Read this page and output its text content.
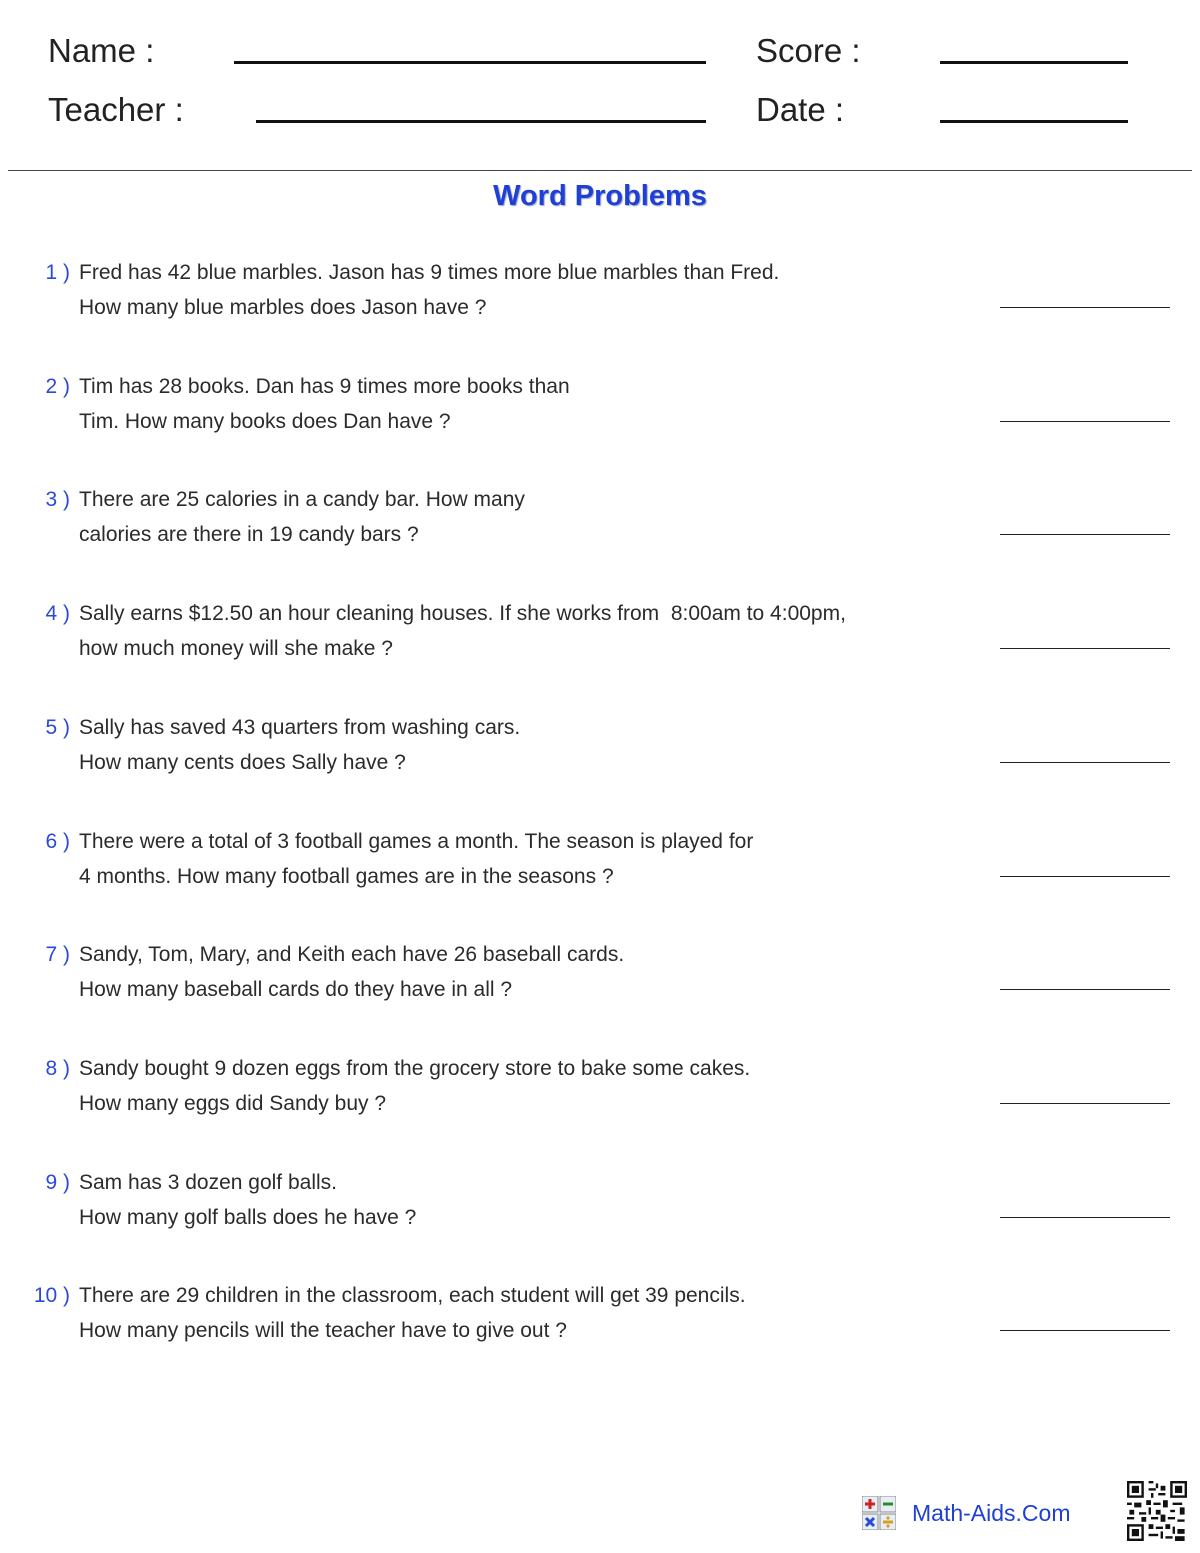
Name :
Teacher :
Score :
Date :
Word Problems
1 ) Fred has 42 blue marbles. Jason has 9 times more blue marbles than Fred.
How many blue marbles does Jason have ?
2 ) Tim has 28 books. Dan has 9 times more books than
Tim. How many books does Dan have ?
3 ) There are 25 calories in a candy bar. How many
calories are there in 19 candy bars ?
4 ) Sally earns $12.50 an hour cleaning houses. If she works from  8:00am to 4:00pm,
how much money will she make ?
5 ) Sally has saved 43 quarters from washing cars.
How many cents does Sally have ?
6 ) There were a total of 3 football games a month. The season is played for
4 months. How many football games are in the seasons ?
7 ) Sandy, Tom, Mary, and Keith each have 26 baseball cards.
How many baseball cards do they have in all ?
8 ) Sandy bought 9 dozen eggs from the grocery store to bake some cakes.
How many eggs did Sandy buy ?
9 ) Sam has 3 dozen golf balls.
How many golf balls does he have ?
10 ) There are 29 children in the classroom, each student will get 39 pencils.
How many pencils will the teacher have to give out ?
Math-Aids.Com
